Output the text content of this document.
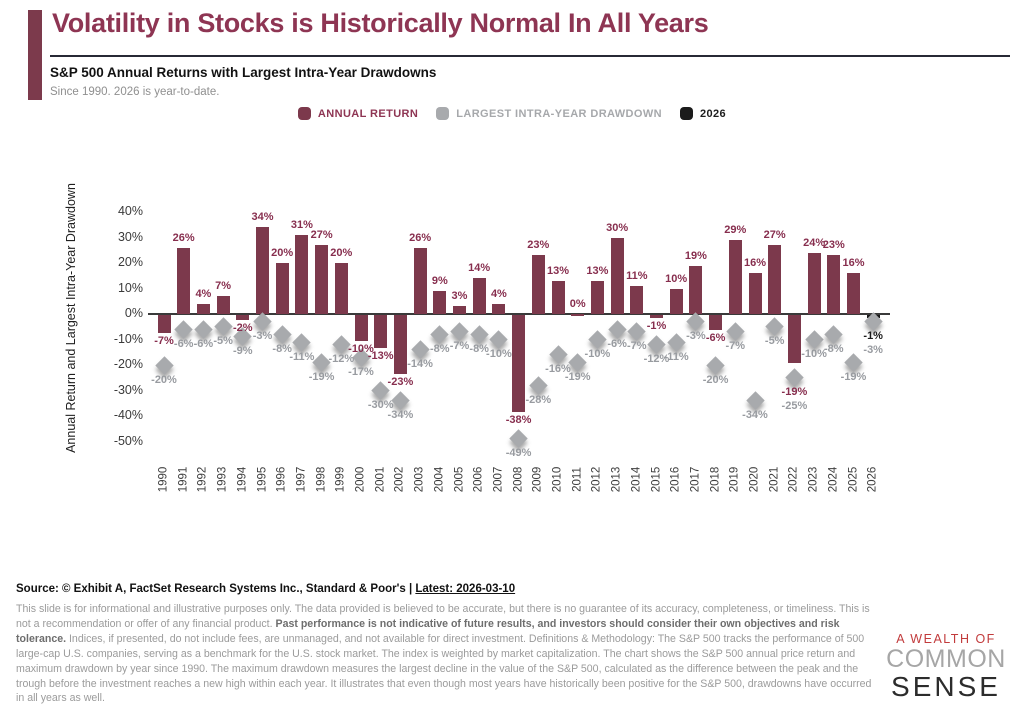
Volatility in Stocks is Historically Normal In All Years
S&P 500 Annual Returns with Largest Intra-Year Drawdowns
Since 1990. 2026 is year-to-date.
ANNUAL RETURN	LARGEST INTRA-YEAR DRAWDOWN	2026
Annual Return and Largest Intra-Year Drawdown	40%
30%
20%
10%
0%
-10%
-20%
-30%
-40%
-50%
-7%
-20%
1990
26%
-6%
1991
4%
-6%
1992
7%
-5%
1993
-2%
-9%
1994
34%
-3%
1995
20%
-8%
1996
31%
-11%
1997
27%
-19%
1998
20%
-12%
1999
-10%
-17%
2000
-13%
-30%
2001
-23%
-34%
2002
26%
-14%
2003
9%
-8%
2004
3%
-7%
2005
14%
-8%
2006
4%
-10%
2007
-38%
-49%
2008
23%
-28%
2009
13%
-16%
2010
0%
-19%
2011
13%
-10%
2012
30%
-6%
2013
11%
-7%
2014
-1%
-12%
2015
10%
-11%
2016
19%
-3%
2017
-6%
-20%
2018
29%
-7%
2019
16%
-34%
2020
27%
-5%
2021
-19%
-25%
2022
24%
-10%
2023
23%
-8%
2024
16%
-19%
2025
-1%
-3%
2026
Source: © Exhibit A, FactSet Research Systems Inc., Standard & Poor's | Latest: 2026-03-10
This slide is for informational and illustrative purposes only. The data provided is believed to be accurate, but there is no guarantee of its accuracy, completeness, or timeliness. This is not a recommendation or offer of any financial product. Past performance is not indicative of future results, and investors should consider their own objectives and risk tolerance. Indices, if presented, do not include fees, are unmanaged, and not available for direct investment. Definitions & Methodology: The S&P 500 tracks the performance of 500 large-cap U.S. companies, serving as a benchmark for the U.S. stock market. The index is weighted by market capitalization. The chart shows the S&P 500 annual price return and maximum drawdown by year since 1990. The maximum drawdown measures the largest decline in the value of the S&P 500, calculated as the difference between the peak and the trough before the investment reaches a new high within each year. It illustrates that even though most years have historically been positive for the S&P 500, drawdowns have occurred in all years as well.
A WEALTH OF
COMMON
SENSE
